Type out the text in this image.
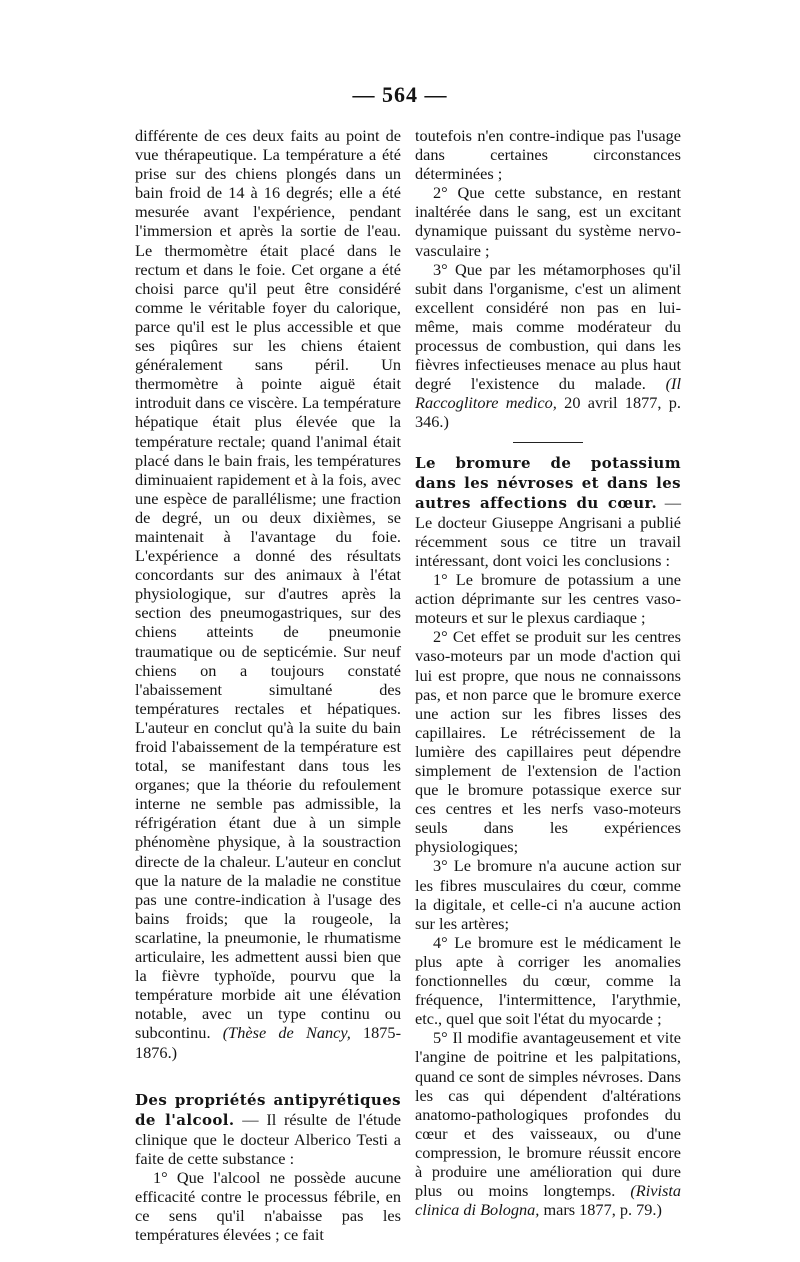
— 564 —

différente de ces deux faits au point de vue thérapeutique. La température a été prise sur des chiens plongés dans un bain froid de 14 à 16 degrés; elle a été mesurée avant l'expérience, pendant l'immersion et après la sortie de l'eau. Le thermomètre était placé dans le rectum et dans le foie. Cet organe a été choisi parce qu'il peut être considéré comme le véritable foyer du calorique, parce qu'il est le plus accessible et que ses piqûres sur les chiens étaient généralement sans péril. Un thermomètre à pointe aiguë était introduit dans ce viscère. La température hépatique était plus élevée que la température rectale; quand l'animal était placé dans le bain frais, les températures diminuaient rapidement et à la fois, avec une espèce de parallélisme; une fraction de degré, un ou deux dixièmes, se maintenait à l'avantage du foie. L'expérience a donné des résultats concordants sur des animaux à l'état physiologique, sur d'autres après la section des pneumogastriques, sur des chiens atteints de pneumonie traumatique ou de septicémie. Sur neuf chiens on a toujours constaté l'abaissement simultané des températures rectales et hépatiques. L'auteur en conclut qu'à la suite du bain froid l'abaissement de la température est total, se manifestant dans tous les organes; que la théorie du refoulement interne ne semble pas admissible, la réfrigération étant due à un simple phénomène physique, à la soustraction directe de la chaleur. L'auteur en conclut que la nature de la maladie ne constitue pas une contre-indication à l'usage des bains froids; que la rougeole, la scarlatine, la pneumonie, le rhumatisme articulaire, les admettent aussi bien que la fièvre typhoïde, pourvu que la température morbide ait une élévation notable, avec un type continu ou subcontinu. (Thèse de Nancy, 1875-1876.)

Des propriétés antipyrétiques de l'alcool. — Il résulte de l'étude clinique que le docteur Alberico Testi a faite de cette substance :

1° Que l'alcool ne possède aucune efficacité contre le processus fébrile, en ce sens qu'il n'abaisse pas les températures élevées ; ce fait

toutefois n'en contre-indique pas l'usage dans certaines circonstances déterminées ;

2° Que cette substance, en restant inaltérée dans le sang, est un excitant dynamique puissant du système nervo-vasculaire ;

3° Que par les métamorphoses qu'il subit dans l'organisme, c'est un aliment excellent considéré non pas en lui-même, mais comme modérateur du processus de combustion, qui dans les fièvres infectieuses menace au plus haut degré l'existence du malade. (Il Raccoglitore medico, 20 avril 1877, p. 346.)

Le bromure de potassium dans les névroses et dans les autres affections du cœur. — Le docteur Giuseppe Angrisani a publié récemment sous ce titre un travail intéressant, dont voici les conclusions :

1° Le bromure de potassium a une action déprimante sur les centres vaso-moteurs et sur le plexus cardiaque ;

2° Cet effet se produit sur les centres vaso-moteurs par un mode d'action qui lui est propre, que nous ne connaissons pas, et non parce que le bromure exerce une action sur les fibres lisses des capillaires. Le rétrécissement de la lumière des capillaires peut dépendre simplement de l'extension de l'action que le bromure potassique exerce sur ces centres et les nerfs vaso-moteurs seuls dans les expériences physiologiques;

3° Le bromure n'a aucune action sur les fibres musculaires du cœur, comme la digitale, et celle-ci n'a aucune action sur les artères;

4° Le bromure est le médicament le plus apte à corriger les anomalies fonctionnelles du cœur, comme la fréquence, l'intermittence, l'arythmie, etc., quel que soit l'état du myocarde ;

5° Il modifie avantageusement et vite l'angine de poitrine et les palpitations, quand ce sont de simples névroses. Dans les cas qui dépendent d'altérations anatomo-pathologiques profondes du cœur et des vaisseaux, ou d'une compression, le bromure réussit encore à produire une amélioration qui dure plus ou moins longtemps. (Rivista clinica di Bologna, mars 1877, p. 79.)
